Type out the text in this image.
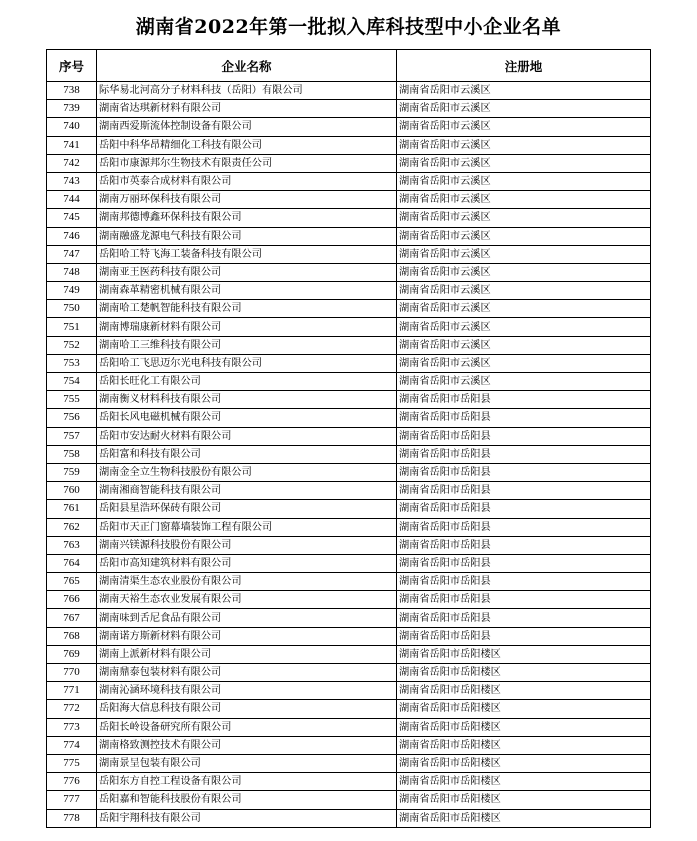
湖南省2022年第一批拟入库科技型中小企业名单
序号	企业名称	注册地
738	际华易北河高分子材料科技（岳阳）有限公司	湖南省岳阳市云溪区
739	湖南省达琪新材料有限公司	湖南省岳阳市云溪区
740	湖南西爱斯流体控制设备有限公司	湖南省岳阳市云溪区
741	岳阳中科华昂精细化工科技有限公司	湖南省岳阳市云溪区
742	岳阳市康源邦尔生物技术有限责任公司	湖南省岳阳市云溪区
743	岳阳市英泰合成材料有限公司	湖南省岳阳市云溪区
744	湖南万丽环保科技有限公司	湖南省岳阳市云溪区
745	湖南邦德博鑫环保科技有限公司	湖南省岳阳市云溪区
746	湖南融盛龙源电气科技有限公司	湖南省岳阳市云溪区
747	岳阳哈工特飞海工装备科技有限公司	湖南省岳阳市云溪区
748	湖南亚王医药科技有限公司	湖南省岳阳市云溪区
749	湖南森革精密机械有限公司	湖南省岳阳市云溪区
750	湖南哈工楚帆智能科技有限公司	湖南省岳阳市云溪区
751	湖南博瑞康新材料有限公司	湖南省岳阳市云溪区
752	湖南哈工三维科技有限公司	湖南省岳阳市云溪区
753	岳阳哈工飞思迈尔光电科技有限公司	湖南省岳阳市云溪区
754	岳阳长旺化工有限公司	湖南省岳阳市云溪区
755	湖南衡义材料科技有限公司	湖南省岳阳市岳阳县
756	岳阳长风电磁机械有限公司	湖南省岳阳市岳阳县
757	岳阳市安达耐火材料有限公司	湖南省岳阳市岳阳县
758	岳阳富和科技有限公司	湖南省岳阳市岳阳县
759	湖南金全立生物科技股份有限公司	湖南省岳阳市岳阳县
760	湖南湘商智能科技有限公司	湖南省岳阳市岳阳县
761	岳阳县星浩环保砖有限公司	湖南省岳阳市岳阳县
762	岳阳市天正门窗幕墙装饰工程有限公司	湖南省岳阳市岳阳县
763	湖南兴镁源科技股份有限公司	湖南省岳阳市岳阳县
764	岳阳市高知建筑材料有限公司	湖南省岳阳市岳阳县
765	湖南清渠生态农业股份有限公司	湖南省岳阳市岳阳县
766	湖南天裕生态农业发展有限公司	湖南省岳阳市岳阳县
767	湖南味到舌尼食品有限公司	湖南省岳阳市岳阳县
768	湖南诺方斯新材料有限公司	湖南省岳阳市岳阳县
769	湖南上派新材料有限公司	湖南省岳阳市岳阳楼区
770	湖南鼎泰包装材料有限公司	湖南省岳阳市岳阳楼区
771	湖南沁涵环境科技有限公司	湖南省岳阳市岳阳楼区
772	岳阳海大信息科技有限公司	湖南省岳阳市岳阳楼区
773	岳阳长岭设备研究所有限公司	湖南省岳阳市岳阳楼区
774	湖南格致测控技术有限公司	湖南省岳阳市岳阳楼区
775	湖南景呈包装有限公司	湖南省岳阳市岳阳楼区
776	岳阳东方自控工程设备有限公司	湖南省岳阳市岳阳楼区
777	岳阳嘉和智能科技股份有限公司	湖南省岳阳市岳阳楼区
778	岳阳宇翔科技有限公司	湖南省岳阳市岳阳楼区
